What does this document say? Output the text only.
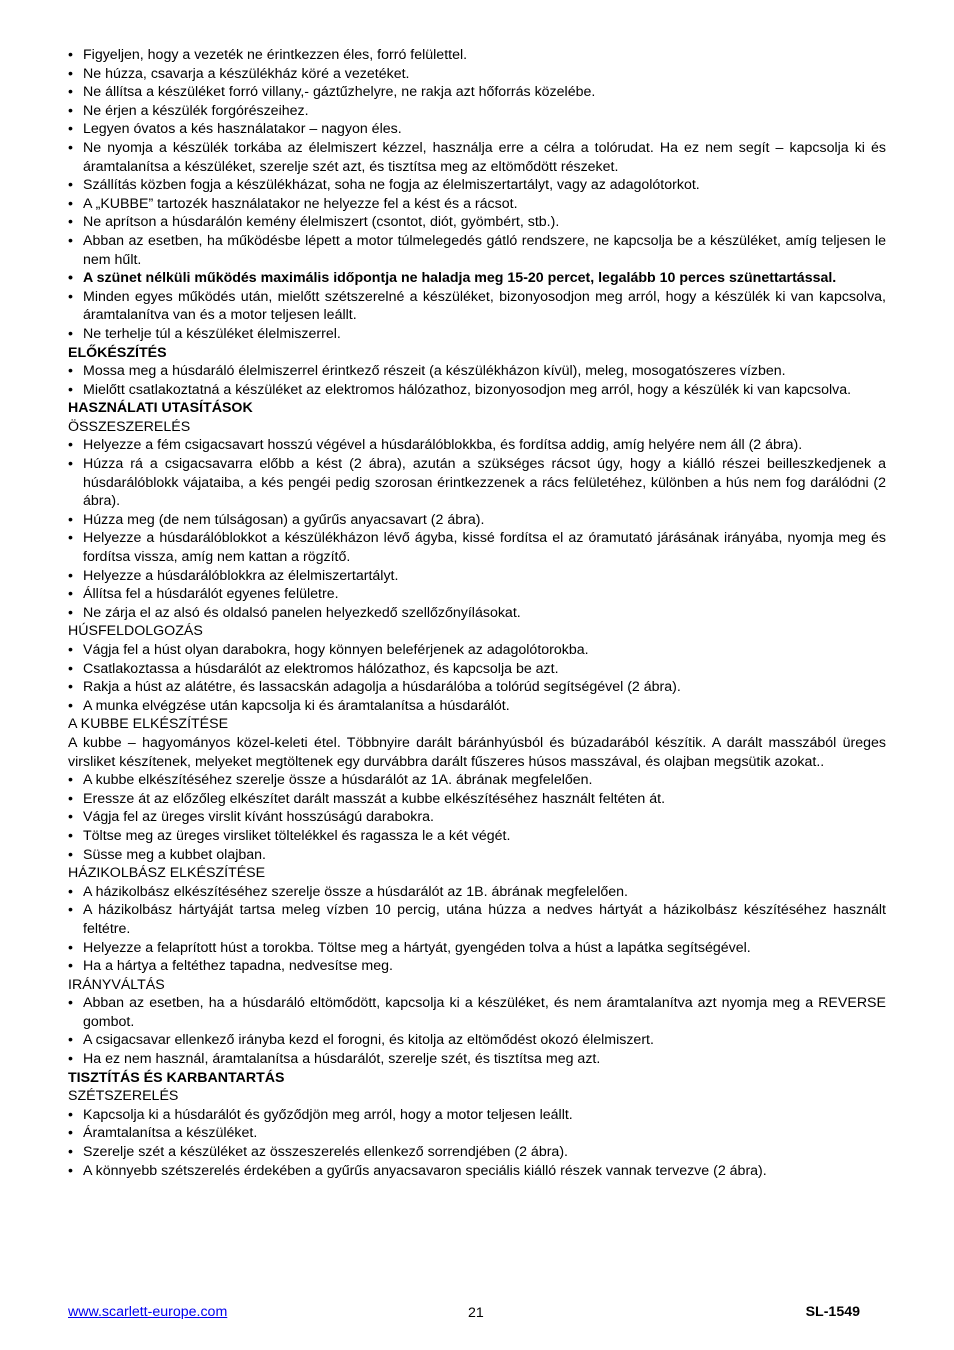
• Figyeljen, hogy a vezeték ne érintkezzen éles, forró felülettel.
• Ne húzza, csavarja a készülékház köré a vezetéket.
• Ne állítsa a készüléket forró villany,- gáztűzhelyre, ne rakja azt hőforrás közelébe.
• Ne érjen a készülék forgórészeihez.
• Legyen óvatos a kés használatakor – nagyon éles.
• Ne nyomja a készülék torkába az élelmiszert kézzel, használja erre a célra a tolórudat. Ha ez nem segít – kapcsolja ki és áramtalanítsa a készüléket, szerelje szét azt, és tisztítsa meg az eltömődött részeket.
• Szállítás közben fogja a készülékházat, soha ne fogja az élelmiszertartályt, vagy az adagolótorkot.
• A „KUBBE” tartozék használatakor ne helyezze fel a kést és a rácsot.
• Ne aprítson a húsdarálón kemény élelmiszert (csontot, diót, gyömbért, stb.).
• Abban az esetben, ha működésbe lépett a motor túlmelegedés gátló rendszere, ne kapcsolja be a készüléket, amíg teljesen le nem hűlt.
• A szünet nélküli működés maximális időpontja ne haladja meg 15-20 percet, legalább 10 perces szünettartással.
• Minden egyes működés után, mielőtt szétszerelné a készüléket, bizonyosodjon meg arról, hogy a készülék ki van kapcsolva, áramtalanítva van és a motor teljesen leállt.
• Ne terhelje túl a készüléket élelmiszerrel.
ELŐKÉSZÍTÉS
• Mossa meg a húsdaráló élelmiszerrel érintkező részeit (a készülékházon kívül), meleg, mosogatószeres vízben.
• Mielőtt csatlakoztatná a készüléket az elektromos hálózathoz, bizonyosodjon meg arról, hogy a készülék ki van kapcsolva.
HASZNÁLATI UTASÍTÁSOK
ÖSSZESZERELÉS
• Helyezze a fém csigacsavart hosszú végével a húsdarálóblokkba, és fordítsa addig, amíg helyére nem áll (2 ábra).
• Húzza rá a csigacsavarra előbb a kést (2 ábra), azután a szükséges rácsot úgy, hogy a kiálló részei beilleszkedjenek a húsdarálóblokk vájataiba, a kés pengéi pedig szorosan érintkezzenek a rács felületéhez, különben a hús nem fog darálódni (2 ábra).
• Húzza meg (de nem túlságosan) a gyűrűs anyacsavart (2 ábra).
• Helyezze a húsdarálóblokkot a készülékházon lévő ágyba, kissé fordítsa el az óramutató járásának irányába, nyomja meg és fordítsa vissza, amíg nem kattan a rögzítő.
• Helyezze a húsdarálóblokkra az élelmiszertartályt.
• Állítsa fel a húsdarálót egyenes felületre.
• Ne zárja el az alsó és oldalsó panelen helyezkedő szellőzőnyílásokat.
HÚSFELDOLGOZÁS
• Vágja fel a húst olyan darabokra, hogy könnyen beleférjenek az adagolótorokba.
• Csatlakoztassa a húsdarálót az elektromos hálózathoz, és kapcsolja be azt.
• Rakja a húst az alátétre, és lassacskán adagolja a húsdarálóba a tolórúd segítségével (2 ábra).
• A munka elvégzése után kapcsolja ki és áramtalanítsa a húsdarálót.
A KUBBE ELKÉSZÍTÉSE
A kubbe – hagyományos közel-keleti étel. Többnyire darált báránhyúsból és búzadarából készítik. A darált masszából üreges virsliket készítenek, melyeket megtöltenek egy durvábbra darált fűszeres húsos masszával, és olajban megsütik azokat..
• A kubbe elkészítéséhez szerelje össze a húsdarálót az 1A. ábrának megfelelően.
• Eressze át az előzőleg elkészítet darált masszát a kubbe elkészítéséhez használt feltéten át.
• Vágja fel az üreges virslit kívánt hosszúságú darabokra.
• Töltse meg az üreges virsliket töltelékkel és ragassza le a két végét.
• Süsse meg a kubbet olajban.
HÁZIKOLBÁSZ ELKÉSZÍTÉSE
• A házikolbász elkészítéséhez szerelje össze a húsdarálót az 1B. ábrának megfelelően.
• A házikolbász hártyáját tartsa meleg vízben 10 percig, utána húzza a nedves hártyát a házikolbász készítéséhez használt feltétre.
• Helyezze a felaprított húst a torokba. Töltse meg a hártyát, gyengéden tolva a húst a lapátka segítségével.
• Ha a hártya a feltéthez tapadna, nedvesítse meg.
IRÁNYVÁLTÁS
• Abban az esetben, ha a húsdaráló eltömődött, kapcsolja ki a készüléket, és nem áramtalanítva azt nyomja meg a REVERSE gombot.
• A csigacsavar ellenkező irányba kezd el forogni, és kitolja az eltömődést okozó élelmiszert.
• Ha ez nem használ, áramtalanítsa a húsdarálót, szerelje szét, és tisztítsa meg azt.
TISZTÍTÁS ÉS KARBANTARTÁS
SZÉTSZERELÉS
• Kapcsolja ki a húsdarálót és győződjön meg arról, hogy a motor teljesen leállt.
• Áramtalanítsa a készüléket.
• Szerelje szét a készüléket az összeszerelés ellenkező sorrendjében (2 ábra).
• A könnyebb szétszerelés érdekében a gyűrűs anyacsavaron speciális kiálló részek vannak tervezve (2 ábra).
www.scarlett-europe.com	21	SL-1549
